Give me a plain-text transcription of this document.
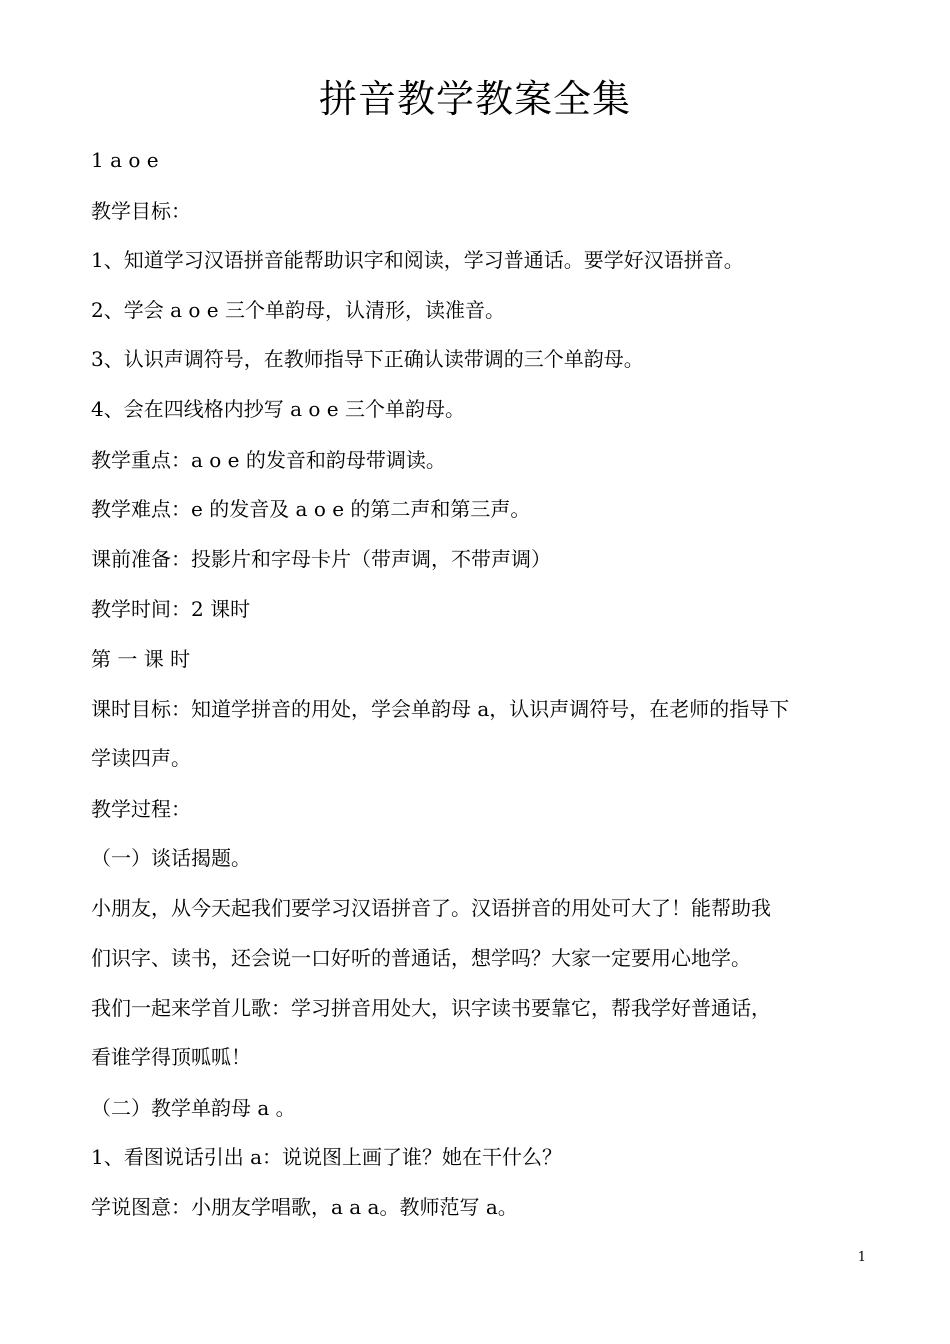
拼音教学教案全集
1 a o e
教学目标：
1、知道学习汉语拼音能帮助识字和阅读，学习普通话。要学好汉语拼音。
2、学会 a o e 三个单韵母，认清形，读准音。
3、认识声调符号，在教师指导下正确认读带调的三个单韵母。
4、会在四线格内抄写 a o e 三个单韵母。
教学重点：a o e 的发音和韵母带调读。
教学难点：e 的发音及 a o e 的第二声和第三声。
课前准备：投影片和字母卡片（带声调，不带声调）
教学时间：2 课时
第 一 课 时
课时目标：知道学拼音的用处，学会单韵母 a，认识声调符号，在老师的指导下
学读四声。
教学过程：
（一）谈话揭题。
小朋友，从今天起我们要学习汉语拼音了。汉语拼音的用处可大了！能帮助我
们识字、读书，还会说一口好听的普通话，想学吗？大家一定要用心地学。
我们一起来学首儿歌：学习拼音用处大，识字读书要靠它，帮我学好普通话，
看谁学得顶呱呱！
（二）教学单韵母 a 。
1、看图说话引出 a：说说图上画了谁？她在干什么？
学说图意：小朋友学唱歌，a a a。教师范写 a。
1
